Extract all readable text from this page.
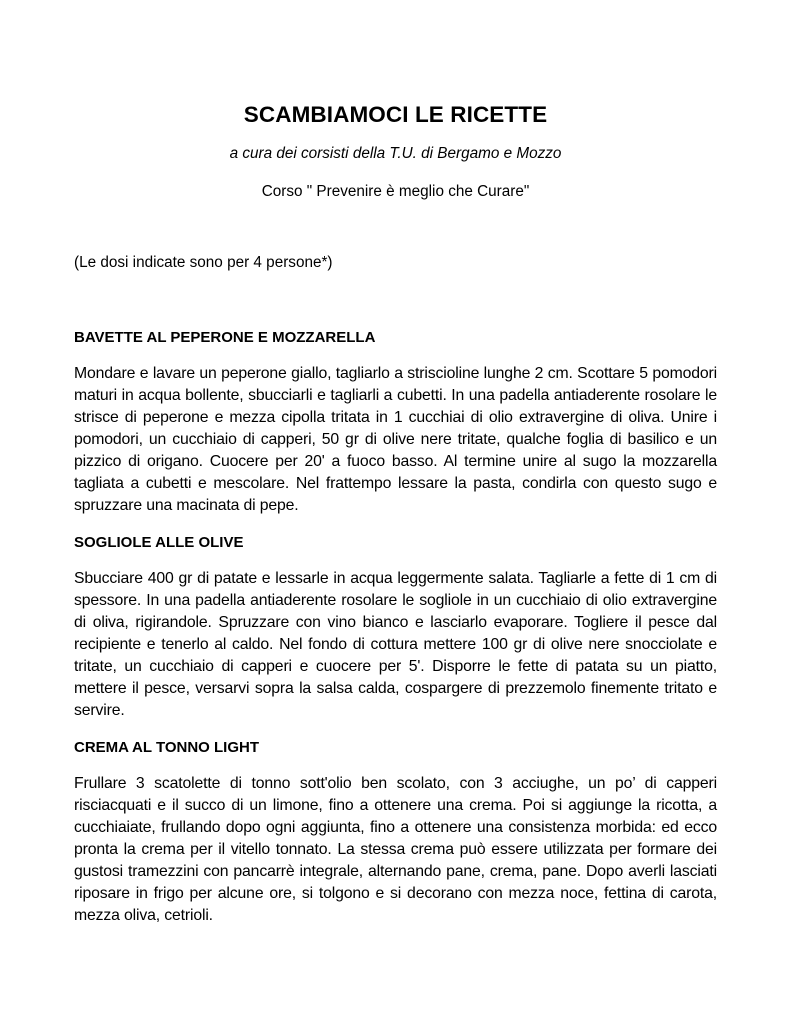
SCAMBIAMOCI LE RICETTE

a cura dei corsisti della T.U. di Bergamo e Mozzo

Corso " Prevenire è meglio che Curare"

(Le dosi indicate sono per 4 persone*)

BAVETTE AL PEPERONE E MOZZARELLA

Mondare e lavare un peperone giallo, tagliarlo a striscioline lunghe 2 cm. Scottare 5 pomodori maturi in acqua bollente, sbucciarli e tagliarli a cubetti. In una padella antiaderente rosolare le strisce di peperone e mezza cipolla tritata in 1 cucchiai di olio extravergine di oliva. Unire i pomodori, un cucchiaio di capperi, 50 gr di olive nere tritate, qualche foglia di basilico e un pizzico di origano. Cuocere per 20' a fuoco basso. Al termine unire al sugo la mozzarella tagliata a cubetti e mescolare. Nel frattempo lessare la pasta, condirla con questo sugo e spruzzare una macinata di pepe.

SOGLIOLE ALLE OLIVE

Sbucciare 400 gr di patate e lessarle in acqua leggermente salata. Tagliarle a fette di 1 cm di spessore. In una padella antiaderente rosolare le sogliole in un cucchiaio di olio extravergine di oliva, rigirandole. Spruzzare con vino bianco e lasciarlo evaporare. Togliere il pesce dal recipiente e tenerlo al caldo. Nel fondo di cottura mettere 100 gr di olive nere snocciolate e tritate, un cucchiaio di capperi e cuocere per 5'. Disporre le fette di patata su un piatto, mettere il pesce, versarvi sopra la salsa calda, cospargere di prezzemolo finemente tritato e servire.

CREMA AL TONNO LIGHT

Frullare 3 scatolette di tonno sott'olio ben scolato, con 3 acciughe, un po’ di capperi risciacquati e il succo di un limone, fino a ottenere una crema. Poi si aggiunge la ricotta, a cucchiaiate, frullando dopo ogni aggiunta, fino a ottenere una consistenza morbida: ed ecco pronta la crema per il vitello tonnato. La stessa crema può essere utilizzata per formare dei gustosi tramezzini con pancarrè integrale, alternando pane, crema, pane. Dopo averli lasciati riposare in frigo per alcune ore, si tolgono e si decorano con mezza noce, fettina di carota, mezza oliva, cetrioli.
